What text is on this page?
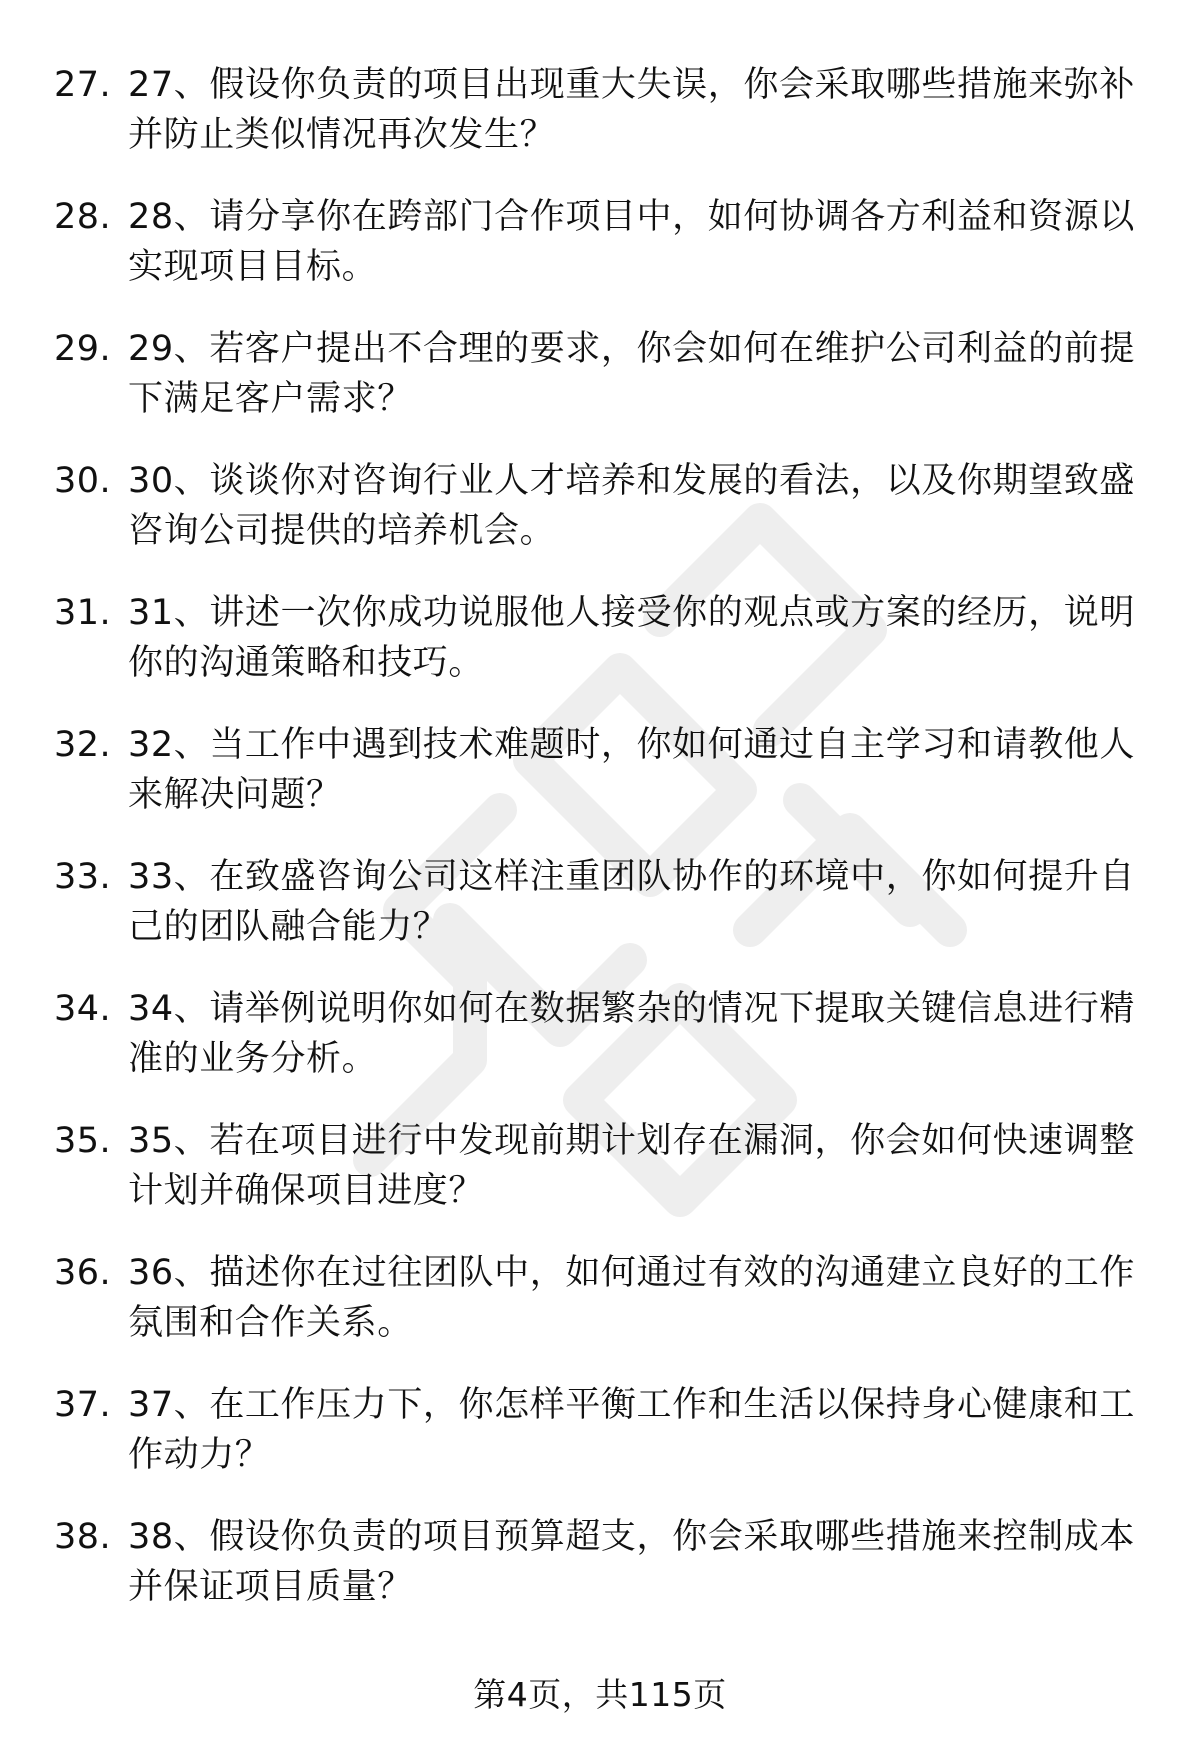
27. 27、假设你负责的项目出现重大失误，你会采取哪些措施来弥补并防止类似情况再次发生？
28. 28、请分享你在跨部门合作项目中，如何协调各方利益和资源以实现项目目标。
29. 29、若客户提出不合理的要求，你会如何在维护公司利益的前提下满足客户需求？
30. 30、谈谈你对咨询行业人才培养和发展的看法，以及你期望致盛咨询公司提供的培养机会。
31. 31、讲述一次你成功说服他人接受你的观点或方案的经历，说明你的沟通策略和技巧。
32. 32、当工作中遇到技术难题时，你如何通过自主学习和请教他人来解决问题？
33. 33、在致盛咨询公司这样注重团队协作的环境中，你如何提升自己的团队融合能力？
34. 34、请举例说明你如何在数据繁杂的情况下提取关键信息进行精准的业务分析。
35. 35、若在项目进行中发现前期计划存在漏洞，你会如何快速调整计划并确保项目进度？
36. 36、描述你在过往团队中，如何通过有效的沟通建立良好的工作氛围和合作关系。
37. 37、在工作压力下，你怎样平衡工作和生活以保持身心健康和工作动力？
38. 38、假设你负责的项目预算超支，你会采取哪些措施来控制成本并保证项目质量？
第4页，共115页
